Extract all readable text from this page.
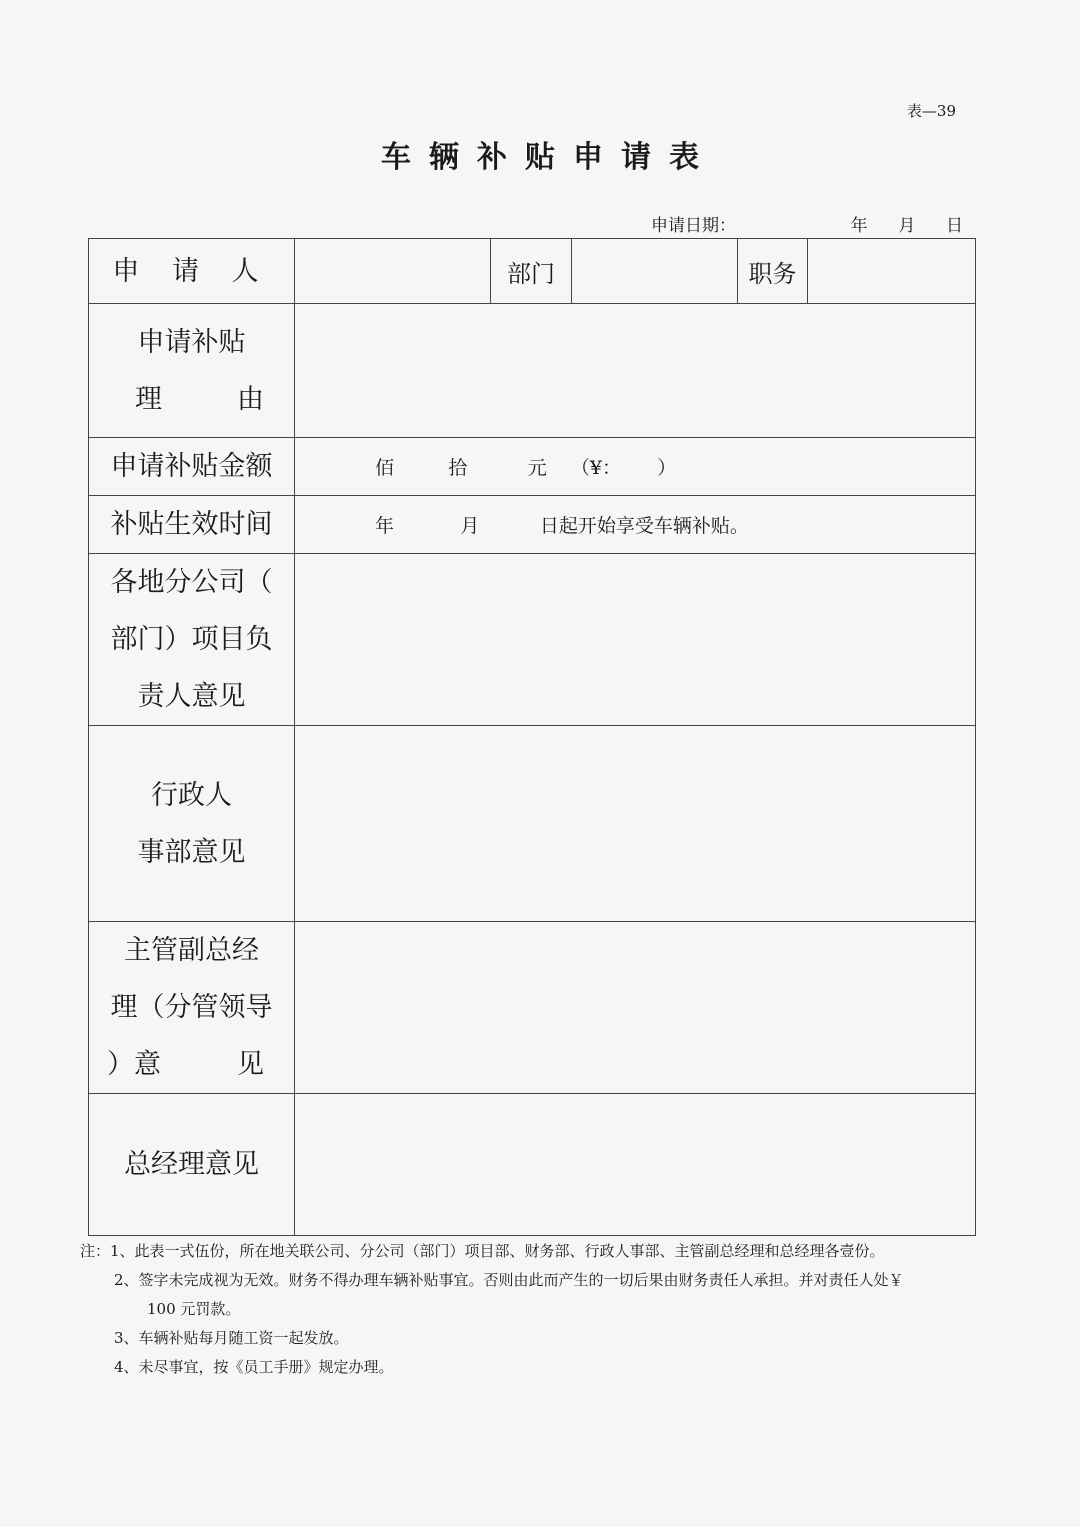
表—39
车辆补贴申请表
申请日期：	年 月 日
申 请 人		部门		职务	

申请补贴
理 由					

申请补贴金额	佰         拾          元    （¥：      ）				
补贴生效时间	年           月          日起开始享受车辆补贴。				

各地分公司（
部门）项目负
责人意见					

行政人
事部意见					

主管副总经
理（分管领导
）意 见					

总经理意见					
注：1、此表一式伍份，所在地关联公司、分公司（部门）项目部、财务部、行政人事部、主管副总经理和总经理各壹份。
2、签字未完成视为无效。财务不得办理车辆补贴事宜。否则由此而产生的一切后果由财务责任人承担。并对责任人处￥
100 元罚款。
3、车辆补贴每月随工资一起发放。
4、未尽事宜，按《员工手册》规定办理。
